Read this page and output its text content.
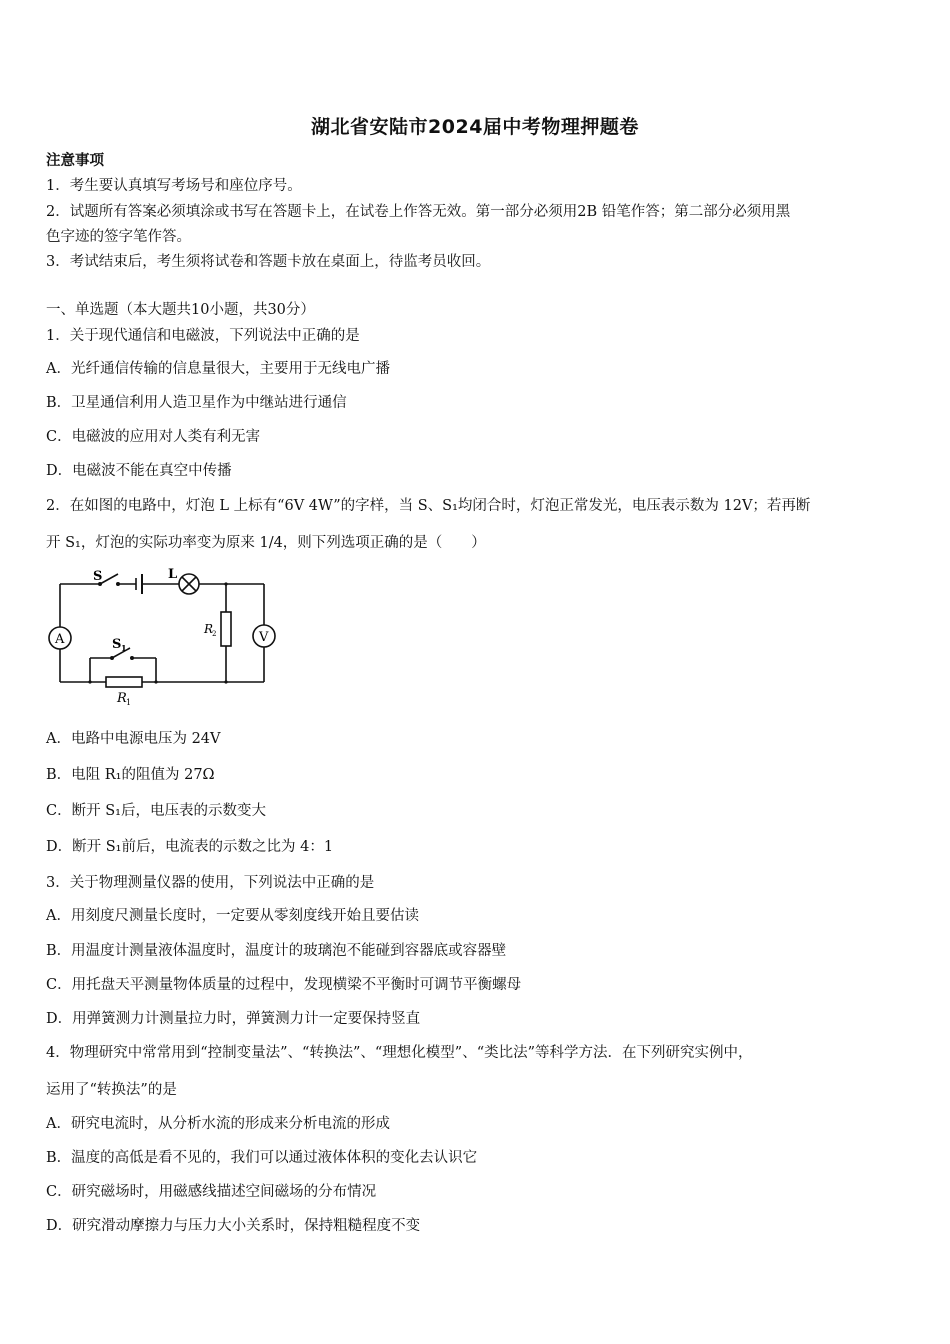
湖北省安陆市2024届中考物理押题卷
注意事项
1．考生要认真填写考场号和座位序号。
2．试题所有答案必须填涂或书写在答题卡上，在试卷上作答无效。第一部分必须用2B 铅笔作答；第二部分必须用黑
色字迹的签字笔作答。
3．考试结束后，考生须将试卷和答题卡放在桌面上，待监考员收回。
一、单选题（本大题共10小题，共30分）
1．关于现代通信和电磁波，下列说法中正确的是
A．光纤通信传输的信息量很大，主要用于无线电广播
B．卫星通信利用人造卫星作为中继站进行通信
C．电磁波的应用对人类有利无害
D．电磁波不能在真空中传播
2．在如图的电路中，灯泡 L 上标有“6V 4W”的字样，当 S、S₁均闭合时，灯泡正常发光，电压表示数为 12V；若再断
开 S₁，灯泡的实际功率变为原来 1/4，则下列选项正确的是（　　）
S	L
S 1
R 1
R
2
A	V
A．电路中电源电压为 24V
B．电阻 R₁的阻值为 27Ω
C．断开 S₁后，电压表的示数变大
D．断开 S₁前后，电流表的示数之比为 4：1
3．关于物理测量仪器的使用，下列说法中正确的是
A．用刻度尺测量长度时，一定要从零刻度线开始且要估读
B．用温度计测量液体温度时，温度计的玻璃泡不能碰到容器底或容器壁
C．用托盘天平测量物体质量的过程中，发现横梁不平衡时可调节平衡螺母
D．用弹簧测力计测量拉力时，弹簧测力计一定要保持竖直
4．物理研究中常常用到“控制变量法”、“转换法”、“理想化模型”、“类比法”等科学方法．在下列研究实例中，
运用了“转换法”的是
A．研究电流时，从分析水流的形成来分析电流的形成
B．温度的高低是看不见的，我们可以通过液体体积的变化去认识它
C．研究磁场时，用磁感线描述空间磁场的分布情况
D．研究滑动摩擦力与压力大小关系时，保持粗糙程度不变
